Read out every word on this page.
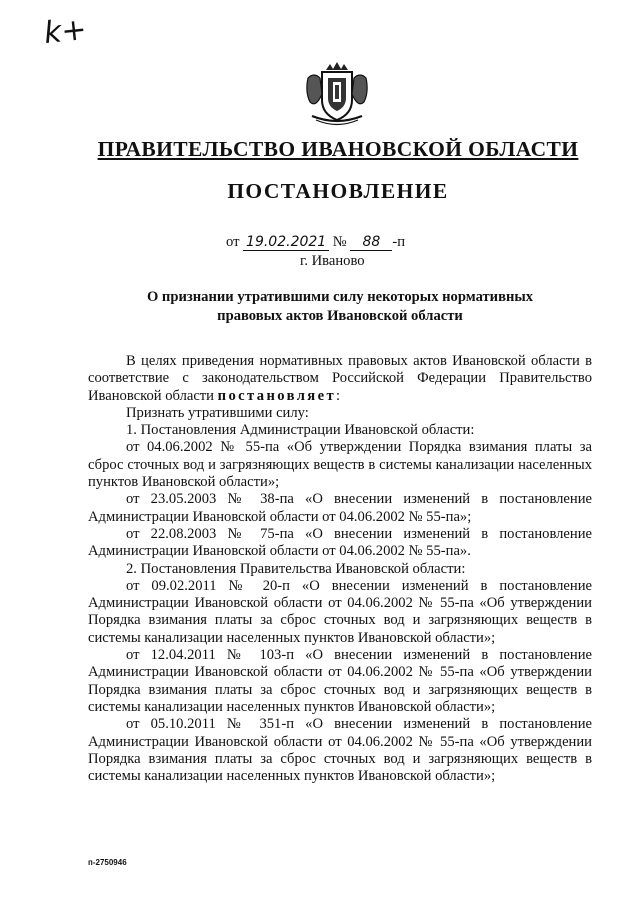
k+
ПРАВИТЕЛЬСТВО ИВАНОВСКОЙ ОБЛАСТИ
ПОСТАНОВЛЕНИЕ
от 19.02.2021 № 88 -п
г. Иваново
О признании утратившими силу некоторых нормативных
правовых актов Ивановской области

В целях приведения нормативных правовых актов Ивановской области в соответствие с законодательством Российской Федерации Правительство Ивановской области постановляет:

Признать утратившими силу:

1. Постановления Администрации Ивановской области:

от 04.06.2002 № 55-па «Об утверждении Порядка взимания платы за сброс сточных вод и загрязняющих веществ в системы канализации населенных пунктов Ивановской области»;

от 23.05.2003 № 38-па «О внесении изменений в постановление Администрации Ивановской области от 04.06.2002 № 55-па»;

от 22.08.2003 № 75-па «О внесении изменений в постановление Администрации Ивановской области от 04.06.2002 № 55-па».

2. Постановления Правительства Ивановской области:

от 09.02.2011 № 20-п «О внесении изменений в постановление Администрации Ивановской области от 04.06.2002 № 55-па «Об утверждении Порядка взимания платы за сброс сточных вод и загрязняющих веществ в системы канализации населенных пунктов Ивановской области»;

от 12.04.2011 № 103-п «О внесении изменений в постановление Администрации Ивановской области от 04.06.2002 № 55-па «Об утверждении Порядка взимания платы за сброс сточных вод и загрязняющих веществ в системы канализации населенных пунктов Ивановской области»;

от 05.10.2011 № 351-п «О внесении изменений в постановление Администрации Ивановской области от 04.06.2002 № 55-па «Об утверждении Порядка взимания платы за сброс сточных вод и загрязняющих веществ в системы канализации населенных пунктов Ивановской области»;

п-2750946
